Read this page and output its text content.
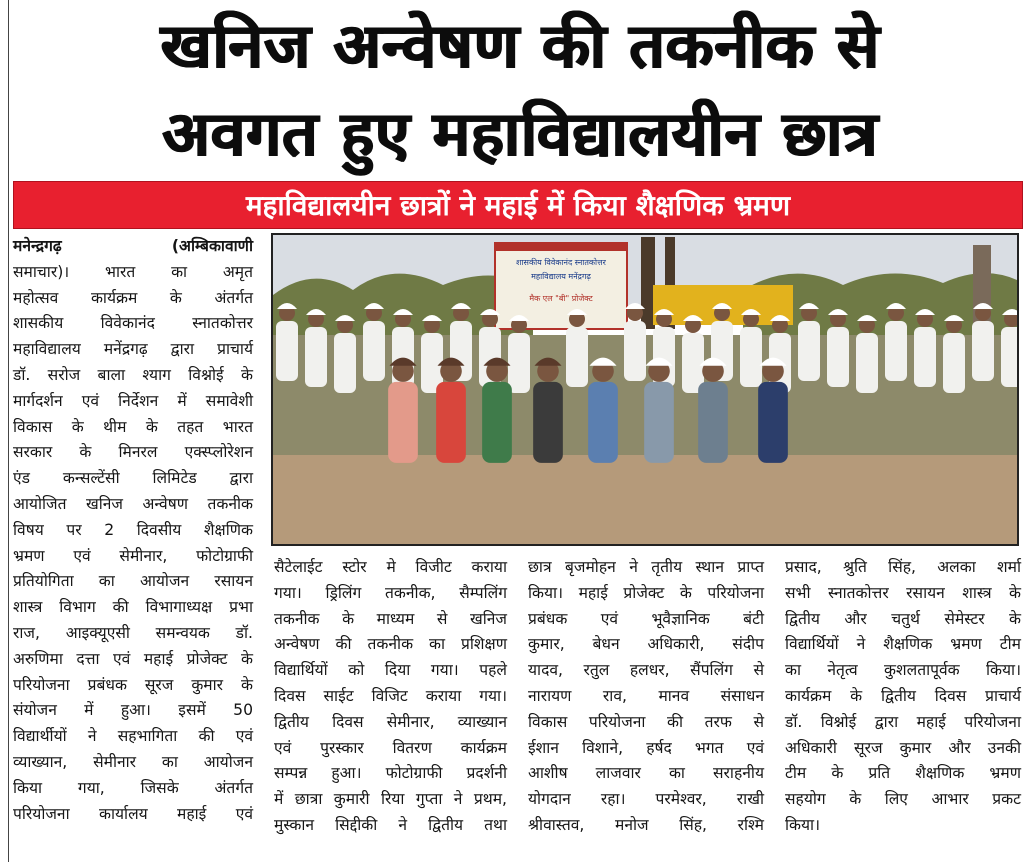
खनिज अन्वेषण की तकनीक से
अवगत हुए महाविद्यालयीन छात्र
महाविद्यालयीन छात्रों ने महाई में किया शैक्षणिक भ्रमण
मनेन्द्रगढ़ (अम्बिकावाणी
समाचार)। भारत का अमृत
महोत्सव कार्यक्रम के अंतर्गत
शासकीय विवेकानंद स्नातकोत्तर
महाविद्यालय मनेंद्रगढ़ द्वारा प्राचार्य
डॉ. सरोज बाला श्याग विश्नोई के
मार्गदर्शन एवं निर्देशन में समावेशी
विकास के थीम के तहत भारत
सरकार के मिनरल एक्स्प्लोरेशन
एंड कन्सल्टेंसी लिमिटेड द्वारा
आयोजित खनिज अन्वेषण तकनीक
विषय पर 2 दिवसीय शैक्षणिक
भ्रमण एवं सेमीनार, फोटोग्राफी
प्रतियोगिता का आयोजन रसायन
शास्त्र विभाग की विभागाध्यक्ष प्रभा
राज, आइक्यूएसी समन्वयक डॉ.
अरुणिमा दत्ता एवं महाई प्रोजेक्ट के
परियोजना प्रबंधक सूरज कुमार के
संयोजन में हुआ। इसमें 50
विद्यार्थीयों ने सहभागिता की एवं
व्याख्यान, सेमीनार का आयोजन
किया गया, जिसके अंतर्गत
परियोजना कार्यालय महाई एवं
शासकीय विवेकानंद स्नातकोत्तर
महाविद्यालय मनेंद्रगढ़
मैक एल "बी" प्रोजेक्ट
सैटेलाईट स्टोर मे विजीट कराया
गया। ड्रिलिंग तकनीक, सैम्पलिंग
तकनीक के माध्यम से खनिज
अन्वेषण की तकनीक का प्रशिक्षण
विद्यार्थियों को दिया गया। पहले
दिवस साईट विजिट कराया गया।
द्वितीय दिवस सेमीनार, व्याख्यान
एवं पुरस्कार वितरण कार्यक्रम
सम्पन्न हुआ। फोटोग्राफी प्रदर्शनी
में छात्रा कुमारी रिया गुप्ता ने प्रथम,
मुस्कान सिद्दीकी ने द्वितीय तथा
छात्र बृजमोहन ने तृतीय स्थान प्राप्त
किया। महाई प्रोजेक्ट के परियोजना
प्रबंधक एवं भूवैज्ञानिक बंटी
कुमार, बेधन अधिकारी, संदीप
यादव, रतुल हलधर, सैंपलिंग से
नारायण राव, मानव संसाधन
विकास परियोजना की तरफ से
ईशान विशाने, हर्षद भगत एवं
आशीष लाजवार का सराहनीय
योगदान रहा। परमेश्वर, राखी
श्रीवास्तव, मनोज सिंह, रश्मि
प्रसाद, श्रुति सिंह, अलका शर्मा
सभी स्नातकोत्तर रसायन शास्त्र के
द्वितीय और चतुर्थ सेमेस्टर के
विद्यार्थियों ने शैक्षणिक भ्रमण टीम
का नेतृत्व कुशलतापूर्वक किया।
कार्यक्रम के द्वितीय दिवस प्राचार्य
डॉ. विश्नोई द्वारा महाई परियोजना
अधिकारी सूरज कुमार और उनकी
टीम के प्रति शैक्षणिक भ्रमण
सहयोग के लिए आभार प्रकट
किया।
